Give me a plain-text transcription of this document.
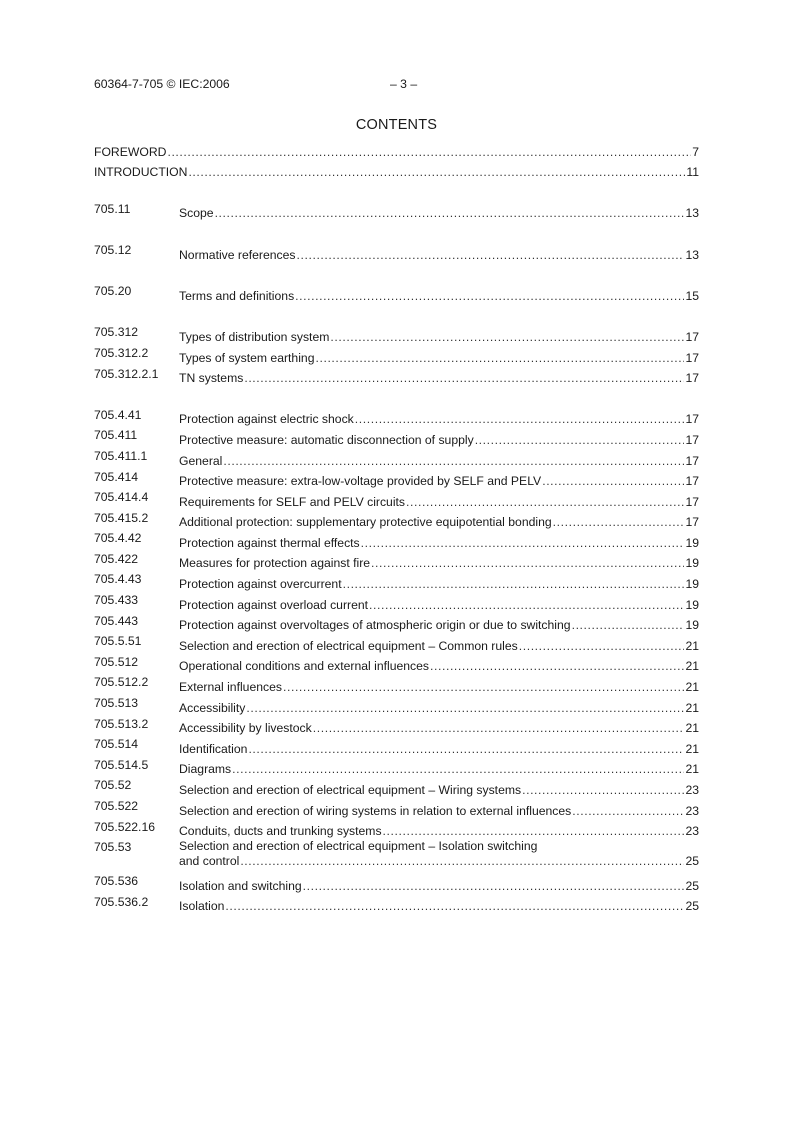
60364-7-705 © IEC:2006	– 3 –
CONTENTS
FOREWORD .....	7
INTRODUCTION .....	11
705.11	Scope .....	13
705.12	Normative references .....	13
705.20	Terms and definitions .....	15
705.312	Types of distribution system .....	17
705.312.2	Types of system earthing .....	17
705.312.2.1	TN systems .....	17
705.4.41	Protection against electric shock .....	17
705.411	Protective measure: automatic disconnection of supply .....	17
705.411.1	General .....	17
705.414	Protective measure: extra-low-voltage provided by SELF and PELV .....	17
705.414.4	Requirements for SELF and PELV circuits .....	17
705.415.2	Additional protection: supplementary protective equipotential bonding .....	17
705.4.42	Protection against thermal effects .....	19
705.422	Measures for protection against fire .....	19
705.4.43	Protection against overcurrent .....	19
705.433	Protection against overload current .....	19
705.443	Protection against overvoltages of atmospheric origin or due to switching .....	19
705.5.51	Selection and erection of electrical equipment – Common rules .....	21
705.512	Operational conditions and external influences .....	21
705.512.2	External influences .....	21
705.513	Accessibility .....	21
705.513.2	Accessibility by livestock .....	21
705.514	Identification .....	21
705.514.5	Diagrams .....	21
705.52	Selection and erection of electrical equipment – Wiring systems .....	23
705.522	Selection and erection of wiring systems in relation to external influences .....	23
705.522.16	Conduits, ducts and trunking systems .....	23
705.53	Selection and erection of electrical equipment – Isolation switching
and control .....	25
705.536	Isolation and switching .....	25
705.536.2	Isolation .....	25
